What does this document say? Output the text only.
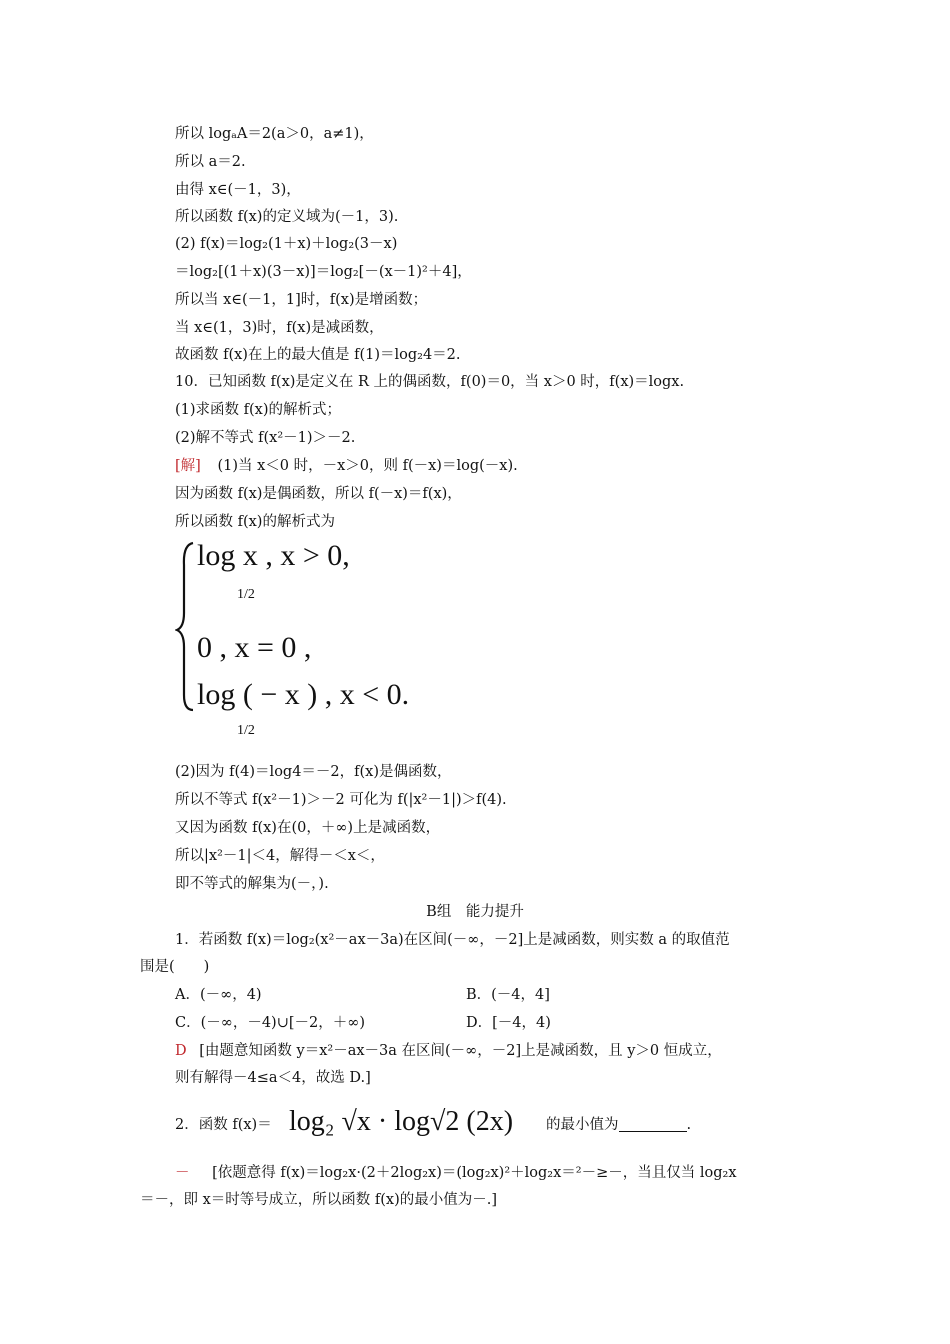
所以 logₐA＝2(a＞0，a≠1)，
所以 a＝2.
由得 x∈(－1，3)，
所以函数 f(x)的定义域为(－1，3).
(2) f(x)＝log₂(1＋x)＋log₂(3－x)
＝log₂[(1＋x)(3－x)]＝log₂[－(x－1)²＋4]，
所以当 x∈(－1，1]时，f(x)是增函数；
当 x∈(1，3)时，f(x)是减函数，
故函数 f(x)在上的最大值是 f(1)＝log₂4＝2.
10．已知函数 f(x)是定义在 R 上的偶函数，f(0)＝0，当 x＞0 时，f(x)＝logx.
(1)求函数 f(x)的解析式；
(2)解不等式 f(x²－1)＞－2.
[解] (1)当 x＜0 时，－x＞0，则 f(－x)＝log(－x).
因为函数 f(x)是偶函数，所以 f(－x)＝f(x)，
所以函数 f(x)的解析式为
log x , x > 0,
1/2
0 , x = 0 ,
log ( − x ) , x < 0.
1/2
(2)因为 f(4)＝log4＝－2，f(x)是偶函数，
所以不等式 f(x²－1)＞－2 可化为 f(|x²－1|)＞f(4).
又因为函数 f(x)在(0，＋∞)上是减函数，
所以|x²－1|＜4，解得－＜x＜，
即不等式的解集为(－，).
B组　能力提升
1．若函数 f(x)＝log₂(x²－ax－3a)在区间(－∞，－2]上是减函数，则实数 a 的取值范
围是(　　)
A．(－∞，4)	B．(－4，4]
C．(－∞，－4)∪[－2，＋∞)	D．[－4，4)
D [由题意知函数 y＝x²－ax－3a 在区间(－∞，－2]上是减函数，且 y＞0 恒成立，
则有解得－4≤a＜4，故选 D.]
2．函数 f(x)＝ log₂ √x · log√2 (2x) 的最小值为	.
－ [依题意得 f(x)＝log₂x·(2＋2log₂x)＝(log₂x)²＋log₂x＝²－≥－，当且仅当 log₂x
＝－，即 x＝时等号成立，所以函数 f(x)的最小值为－.]
